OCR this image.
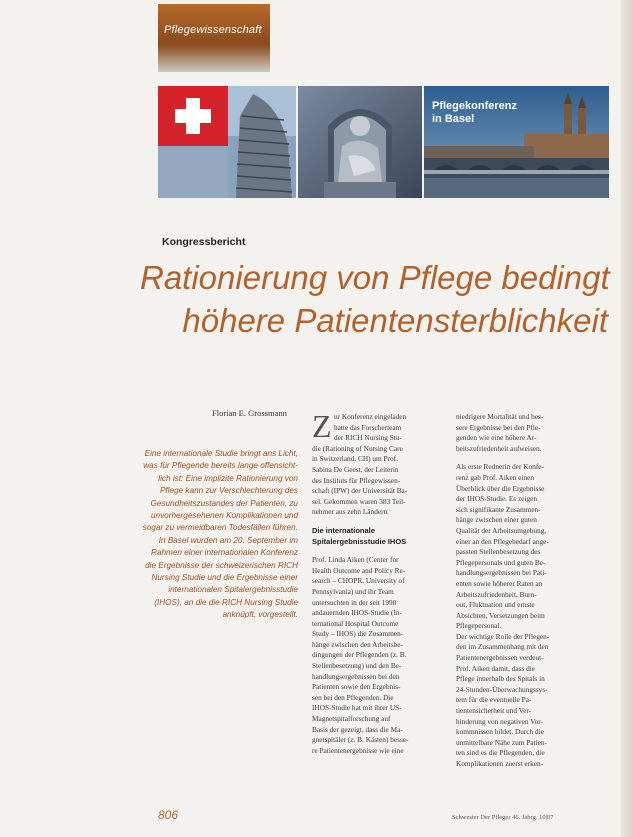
Pflegewissenschaft
Pflegekonferenz
in Basel
Kongressbericht
Rationierung von Pflege bedingt
höhere Patientensterblichkeit
Florian E. Grossmann
Eine internationale Studie bringt ans Licht,
was für Pflegende bereits lange offensicht-
lich ist: Eine implizite Rationierung von
Pflege kann zur Verschlechterung des
Gesundheitszustandes der Patienten, zu
unvorhergesehenen Komplikationen und
sogar zu vermeidbaren Todesfällen führen.
In Basel wurden am 20. September im
Rahmen einer internationalen Konferenz
die Ergebnisse der schweizerischen RICH
Nursing Studie und die Ergebnisse einer
internationalen Spitalergebnisstudie
(IHOS), an die die RICH Nursing Studie
anknüpft, vorgestellt.
Z ur Konferenz eingeladen
hatte das Forscherteam
der RICH Nursing Stu-
die (Rationing of Nursing Care
in Switzerland, CH) um Prof.
Sabina De Geest, der Leiterin
des Instituts für Pflegewissen-
schaft (IPW) der Universität Ba-
sel. Gekommen waren 383 Teil-
nehmer aus zehn Ländern.
Die internationale
Spitalergebnisstudie IHOS
Prof. Linda Aiken (Center for
Health Outcome and Policy Re-
search – CHOPR, University of
Pennsylvania) und ihr Team
untersuchten in der seit 1998
andauernden IHOS-Studie (In-
ternational Hospital Outcome
Study – IHOS) die Zusammen-
hänge zwischen den Arbeitsbe-
dingungen der Pflegenden (z. B.
Stellenbesetzung) und den Be-
handlungsergebnissen bei den
Patienten sowie den Ergebnis-
sen bei den Pflegenden. Die
IHOS-Studie hat mit ihrer US-
Magnetspitalforschung auf
Basis der gezeigt, dass die Ma-
gnetspitäler (z. B. Kästen) besse-
re Patientenergebnisse wie eine
niedrigere Mortalität und bes-
sere Ergebnisse bei den Pfle-
genden wie eine höhere Ar-
beitszufriedenheit aufweisen.
Als erste Rednerin der Konfe-
renz gab Prof. Aiken einen
Überblick über die Ergebnisse
der IHOS-Studie. Es zeigen
sich signifikante Zusammen-
hänge zwischen einer guten
Qualität der Arbeitsumgebung,
einer an den Pflegebedarf ange-
passten Stellenbesetzung des
Pflegepersonals und guten Be-
handlungsergebnissen bei Pati-
enten sowie höherer Raten an
Arbeitszufriedenheit, Burn-
out, Fluktuation und ernste
Absichten, Versetzungen beim
Pflegepersonal.
Der wichtige Rolle der Pflegen-
den im Zusammenhang mit den
Patientenergebnissen verdeut-
Prof. Aiken damit, dass die
Pflege innerhalb des Spitals in
24-Stunden-Überwachungssys-
tem für die eventuelle Pa-
tientensicherheit und Ver-
hinderung von negativen Vor-
kommnissen bildet. Durch die
unmittelbare Nähe zum Patien-
ten sind es die Pflegenden, die
Komplikationen zuerst erken-
806	Schwester Der Pfleger 46. Jahrg. 10|07
